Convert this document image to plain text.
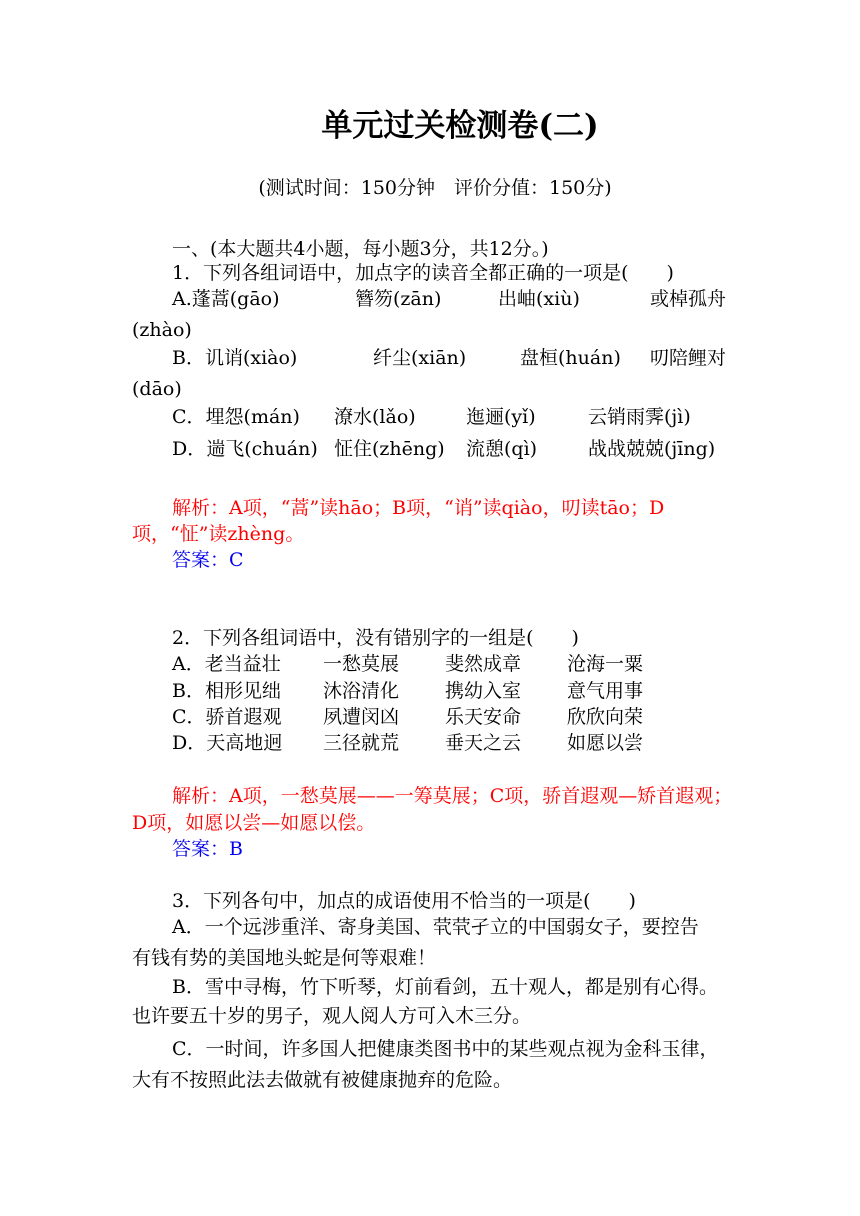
单元过关检测卷(二)
(测试时间：150分钟　评价分值：150分)
一、(本大题共4小题，每小题3分，共12分。)
1．下列各组词语中，加点字的读音全都正确的一项是(　　)
A.蓬蒿(gāo)	簪笏(zān)	出岫(xiù)	或棹孤舟
(zhào)
B．讥诮(xiào)	纤尘(xiān)	盘桓(huán) 叨陪鲤对
(dāo)
C．埋怨(mán) 潦水(lǎo)	迤逦(yǐ)	云销雨霁(jì)
D．遄飞(chuán) 怔住(zhēng) 流憩(qì)	战战兢兢(jīng)
解析：A项，“蒿”读hāo；B项，“诮”读qiào，叨读tāo；D
项，“怔”读zhèng。
答案：C
2．下列各组词语中，没有错别字的一组是(　　)
A．老当益壮 一愁莫展 斐然成章 沧海一粟
B．相形见绌 沐浴清化 携幼入室 意气用事
C．骄首遐观 夙遭闵凶 乐天安命 欣欣向荣
D．天高地迥 三径就荒 垂天之云 如愿以尝
解析：A项，一愁莫展——一筹莫展；C项，骄首遐观—矫首遐观；
D项，如愿以尝—如愿以偿。
答案：B
3．下列各句中，加点的成语使用不恰当的一项是(　　)
A．一个远涉重洋、寄身美国、茕茕孑立的中国弱女子，要控告
有钱有势的美国地头蛇是何等艰难！
B．雪中寻梅，竹下听琴，灯前看剑，五十观人，都是别有心得。
也许要五十岁的男子，观人阅人方可入木三分。
C．一时间，许多国人把健康类图书中的某些观点视为金科玉律，
大有不按照此法去做就有被健康抛弃的危险。
